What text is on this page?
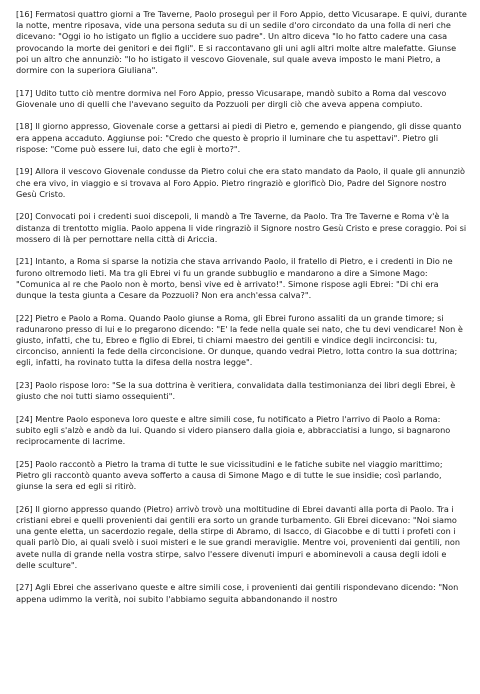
[16] Fermatosi quattro giorni a Tre Taverne, Paolo proseguì per il Foro Appio, detto Vicusarape. E quivi, durante la notte, mentre riposava, vide una persona seduta su di un sedile d'oro circondato da una folla di neri che dicevano: "Oggi io ho istigato un figlio a uccidere suo padre". Un altro diceva "Io ho fatto cadere una casa provocando la morte dei genitori e dei figli". E si raccontavano gli uni agli altri molte altre malefatte. Giunse poi un altro che annunziò: "Io ho istigato il vescovo Giovenale, sul quale aveva imposto le mani Pietro, a dormire con la superiora Giuliana".

[17] Udito tutto ciò mentre dormiva nel Foro Appio, presso Vicusarape, mandò subito a Roma dal vescovo Giovenale uno di quelli che l'avevano seguito da Pozzuoli per dirgli ciò che aveva appena compiuto.

[18] Il giorno appresso, Giovenale corse a gettarsi ai piedi di Pietro e, gemendo e piangendo, gli disse quanto era appena accaduto. Aggiunse poi: "Credo che questo è proprio il luminare che tu aspettavi". Pietro gli rispose: "Come può essere lui, dato che egli è morto?".

[19] Allora il vescovo Giovenale condusse da Pietro colui che era stato mandato da Paolo, il quale gli annunziò che era vivo, in viaggio e si trovava al Foro Appio. Pietro ringraziò e glorificò Dio, Padre del Signore nostro Gesù Cristo.

[20] Convocati poi i credenti suoi discepoli, li mandò a Tre Taverne, da Paolo. Tra Tre Taverne e Roma v'è la distanza di trentotto miglia. Paolo appena li vide ringraziò il Signore nostro Gesù Cristo e prese coraggio. Poi si mossero di là per pernottare nella città di Ariccia.

[21] Intanto, a Roma si sparse la notizia che stava arrivando Paolo, il fratello di Pietro, e i credenti in Dio ne furono oltremodo lieti. Ma tra gli Ebrei vi fu un grande subbuglio e mandarono a dire a Simone Mago: "Comunica al re che Paolo non è morto, bensì vive ed è arrivato!". Simone rispose agli Ebrei: "Di chi era dunque la testa giunta a Cesare da Pozzuoli? Non era anch'essa calva?".

[22] Pietro e Paolo a Roma. Quando Paolo giunse a Roma, gli Ebrei furono assaliti da un grande timore; si radunarono presso di lui e lo pregarono dicendo: "E' la fede nella quale sei nato, che tu devi vendicare! Non è giusto, infatti, che tu, Ebreo e figlio di Ebrei, ti chiami maestro dei gentili e vindice degli incirconcisi: tu, circonciso, annienti la fede della circoncisione. Or dunque, quando vedrai Pietro, lotta contro la sua dottrina; egli, infatti, ha rovinato tutta la difesa della nostra legge".

[23] Paolo rispose loro: "Se la sua dottrina è veritiera, convalidata dalla testimonianza dei libri degli Ebrei, è giusto che noi tutti siamo ossequienti".

[24] Mentre Paolo esponeva loro queste e altre simili cose, fu notificato a Pietro l'arrivo di Paolo a Roma: subito egli s'alzò e andò da lui. Quando si videro piansero dalla gioia e, abbracciatisi a lungo, si bagnarono reciprocamente di lacrime.

[25] Paolo raccontò a Pietro la trama di tutte le sue vicissitudini e le fatiche subite nel viaggio marittimo; Pietro gli raccontò quanto aveva sofferto a causa di Simone Mago e di tutte le sue insidie; così parlando, giunse la sera ed egli si ritirò.

[26] Il giorno appresso quando (Pietro) arrivò trovò una moltitudine di Ebrei davanti alla porta di Paolo. Tra i cristiani ebrei e quelli provenienti dai gentili era sorto un grande turbamento. Gli Ebrei dicevano: "Noi siamo una gente eletta, un sacerdozio regale, della stirpe di Abramo, di Isacco, di Giacobbe e di tutti i profeti con i quali parlò Dio, ai quali svelò i suoi misteri e le sue grandi meraviglie. Mentre voi, provenienti dai gentili, non avete nulla di grande nella vostra stirpe, salvo l'essere divenuti impuri e abominevoli a causa degli idoli e delle sculture".

[27] Agli Ebrei che asserivano queste e altre simili cose, i provenienti dai gentili rispondevano dicendo: "Non appena udimmo la verità, noi subito l'abbiamo seguita abbandonando il nostro
